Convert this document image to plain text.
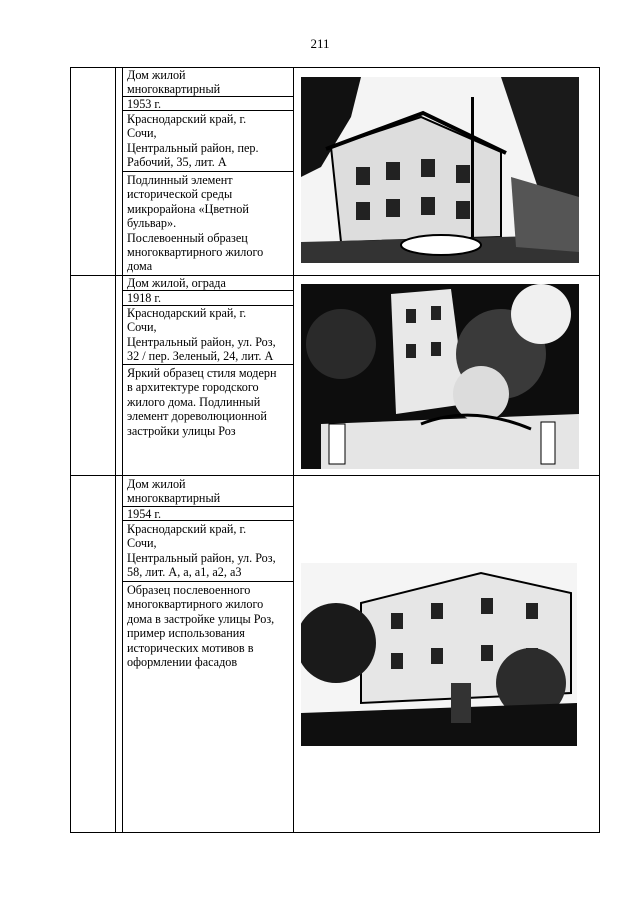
211
Дом жилой
многоквартирный
1953 г.
Краснодарский край, г.
Сочи,
Центральный район, пер.
Рабочий, 35, лит. А
Подлинный элемент
исторической среды
микрорайона «Цветной
бульвар».
Послевоенный образец
многоквартирного жилого
дома
Дом жилой, ограда
1918 г.
Краснодарский край, г.
Сочи,
Центральный район, ул. Роз,
32 / пер. Зеленый, 24, лит. А
Яркий образец стиля модерн
в архитектуре городского
жилого дома. Подлинный
элемент дореволюционной
застройки улицы Роз
Дом жилой
многоквартирный
1954 г.
Краснодарский край, г.
Сочи,
Центральный район, ул. Роз,
58, лит. А, а, а1, а2, а3
Образец послевоенного
многоквартирного жилого
дома в застройке улицы Роз,
пример использования
исторических мотивов в
оформлении фасадов
